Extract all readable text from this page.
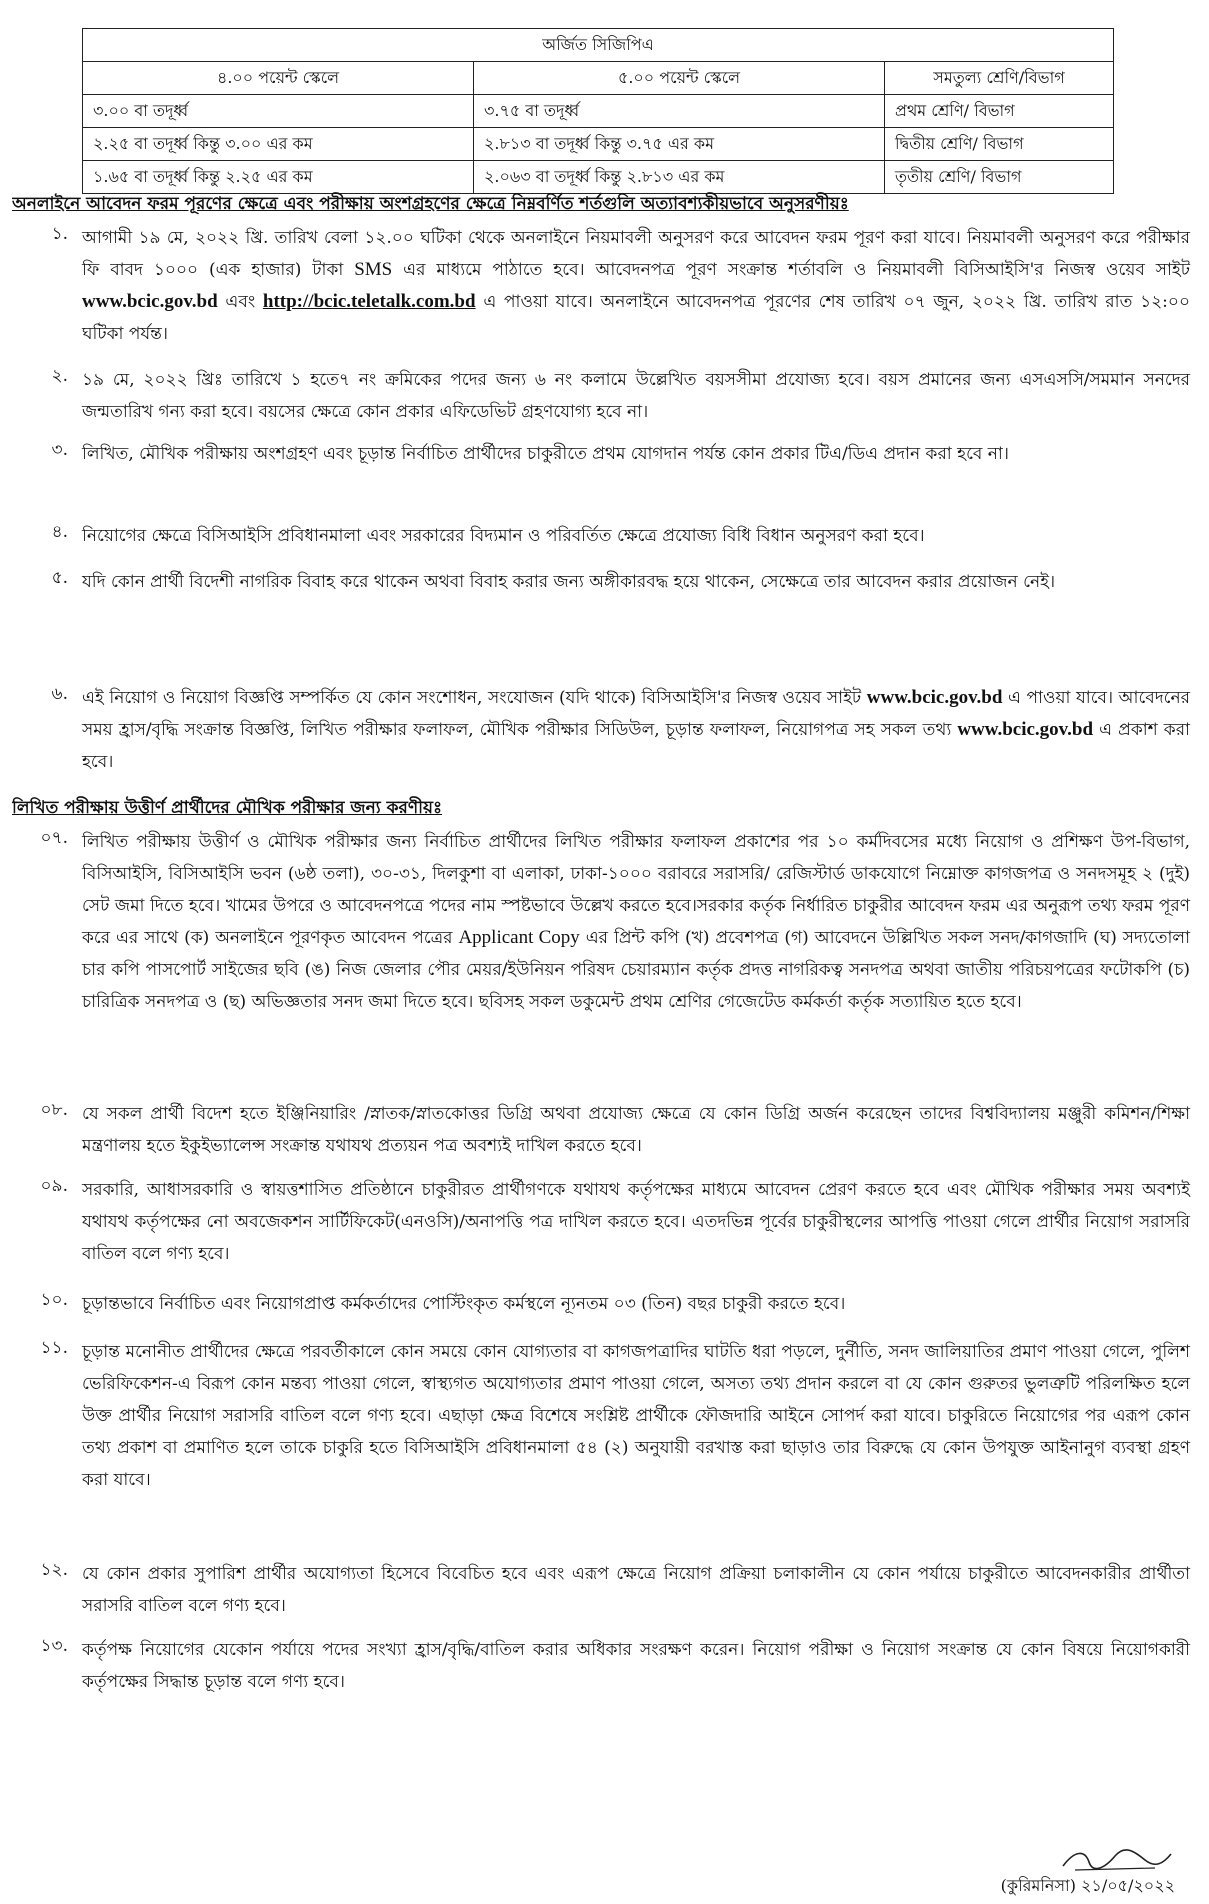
অর্জিত সিজিপিএ		
৪.০০ পয়েন্ট স্কেলে	৫.০০ পয়েন্ট স্কেলে	সমতুল্য শ্রেণি/বিভাগ
৩.০০ বা তদূর্ধ্ব	৩.৭৫ বা তদূর্ধ্ব	প্রথম শ্রেণি/ বিভাগ
২.২৫ বা তদূর্ধ্ব কিন্তু ৩.০০ এর কম	২.৮১৩ বা তদূর্ধ্ব কিন্তু ৩.৭৫ এর কম	দ্বিতীয় শ্রেণি/ বিভাগ
১.৬৫ বা তদূর্ধ্ব কিন্তু ২.২৫ এর কম	২.০৬৩ বা তদূর্ধ্ব কিন্তু ২.৮১৩ এর কম	তৃতীয় শ্রেণি/ বিভাগ
অনলাইনে আবেদন ফরম পূরণের ক্ষেত্রে এবং পরীক্ষায় অংশগ্রহণের ক্ষেত্রে নিম্নবর্ণিত শর্তগুলি অত্যাবশ্যকীয়ভাবে অনুসরণীয়ঃ
১. আগামী ১৯ মে, ২০২২ খ্রি. তারিখ বেলা ১২.০০ ঘটিকা থেকে অনলাইনে নিয়মাবলী অনুসরণ করে আবেদন ফরম পূরণ করা যাবে। নিয়মাবলী অনুসরণ করে পরীক্ষার ফি বাবদ ১০০০ (এক হাজার) টাকা SMS এর মাধ্যমে পাঠাতে হবে। আবেদনপত্র পূরণ সংক্রান্ত শর্তাবলি ও নিয়মাবলী বিসিআইসি'র নিজস্ব ওয়েব সাইট www.bcic.gov.bd এবং http://bcic.teletalk.com.bd এ পাওয়া যাবে। অনলাইনে আবেদনপত্র পূরণের শেষ তারিখ ০৭ জুন, ২০২২ খ্রি. তারিখ রাত ১২:০০ ঘটিকা পর্যন্ত।
২. ১৯ মে, ২০২২ খ্রিঃ তারিখে ১ হতে৭ নং ক্রমিকের পদের জন্য ৬ নং কলামে উল্লেখিত বয়সসীমা প্রযোজ্য হবে। বয়স প্রমানের জন্য এসএসসি/সমমান সনদের জন্মতারিখ গন্য করা হবে। বয়সের ক্ষেত্রে কোন প্রকার এফিডেভিট গ্রহণযোগ্য হবে না।
৩. লিখিত, মৌখিক পরীক্ষায় অংশগ্রহণ এবং চূড়ান্ত নির্বাচিত প্রার্থীদের চাকুরীতে প্রথম যোগদান পর্যন্ত কোন প্রকার টিএ/ডিএ প্রদান করা হবে না।
৪. নিয়োগের ক্ষেত্রে বিসিআইসি প্রবিধানমালা এবং সরকারের বিদ্যমান ও পরিবর্তিত ক্ষেত্রে প্রযোজ্য বিধি বিধান অনুসরণ করা হবে।
৫. যদি কোন প্রার্থী বিদেশী নাগরিক বিবাহ করে থাকেন অথবা বিবাহ করার জন্য অঙ্গীকারবদ্ধ হয়ে থাকেন, সেক্ষেত্রে তার আবেদন করার প্রয়োজন নেই।
৬. এই নিয়োগ ও নিয়োগ বিজ্ঞপ্তি সম্পর্কিত যে কোন সংশোধন, সংযোজন (যদি থাকে) বিসিআইসি'র নিজস্ব ওয়েব সাইট www.bcic.gov.bd এ পাওয়া যাবে। আবেদনের সময় হ্রাস/বৃদ্ধি সংক্রান্ত বিজ্ঞপ্তি, লিখিত পরীক্ষার ফলাফল, মৌখিক পরীক্ষার সিডিউল, চূড়ান্ত ফলাফল, নিয়োগপত্র সহ সকল তথ্য www.bcic.gov.bd এ প্রকাশ করা হবে।
লিখিত পরীক্ষায় উত্তীর্ণ প্রার্থীদের মৌখিক পরীক্ষার জন্য করণীয়ঃ
০৭. লিখিত পরীক্ষায় উত্তীর্ণ ও মৌখিক পরীক্ষার জন্য নির্বাচিত প্রার্থীদের লিখিত পরীক্ষার ফলাফল প্রকাশের পর ১০ কর্মদিবসের মধ্যে নিয়োগ ও প্রশিক্ষণ উপ-বিভাগ, বিসিআইসি, বিসিআইসি ভবন (৬ষ্ঠ তলা), ৩০-৩১, দিলকুশা বা এলাকা, ঢাকা-১০০০ বরাবরে সরাসরি/ রেজিস্টার্ড ডাকযোগে নিম্নোক্ত কাগজপত্র ও সনদসমূহ ২ (দুই) সেট জমা দিতে হবে। খামের উপরে ও আবেদনপত্রে পদের নাম স্পষ্টভাবে উল্লেখ করতে হবে।সরকার কর্তৃক নির্ধারিত চাকুরীর আবেদন ফরম এর অনুরূপ তথ্য ফরম পূরণ করে এর সাথে (ক) অনলাইনে পূরণকৃত আবেদন পত্রের Applicant Copy এর প্রিন্ট কপি (খ) প্রবেশপত্র (গ) আবেদনে উল্লিখিত সকল সনদ/কাগজাদি (ঘ) সদ্যতোলা চার কপি পাসপোর্ট সাইজের ছবি (ঙ) নিজ জেলার পৌর মেয়র/ইউনিয়ন পরিষদ চেয়ারম্যান কর্তৃক প্রদত্ত নাগরিকত্ব সনদপত্র অথবা জাতীয় পরিচয়পত্রের ফটোকপি (চ) চারিত্রিক সনদপত্র ও (ছ) অভিজ্ঞতার সনদ জমা দিতে হবে। ছবিসহ সকল ডকুমেন্ট প্রথম শ্রেণির গেজেটেড কর্মকর্তা কর্তৃক সত্যায়িত হতে হবে।
০৮. যে সকল প্রার্থী বিদেশ হতে ইঞ্জিনিয়ারিং /স্নাতক/স্নাতকোত্তর ডিগ্রি অথবা প্রযোজ্য ক্ষেত্রে যে কোন ডিগ্রি অর্জন করেছেন তাদের বিশ্ববিদ্যালয় মঞ্জুরী কমিশন/শিক্ষা মন্ত্রণালয় হতে ইকুইভ্যালেন্স সংক্রান্ত যথাযথ প্রত্যয়ন পত্র অবশ্যই দাখিল করতে হবে।
০৯. সরকারি, আধাসরকারি ও স্বায়ত্তশাসিত প্রতিষ্ঠানে চাকুরীরত প্রার্থীগণকে যথাযথ কর্তৃপক্ষের মাধ্যমে আবেদন প্রেরণ করতে হবে এবং মৌখিক পরীক্ষার সময় অবশ্যই যথাযথ কর্তৃপক্ষের নো অবজেকশন সার্টিফিকেট(এনওসি)/অনাপত্তি পত্র দাখিল করতে হবে। এতদভিন্ন পূর্বের চাকুরীস্থলের আপত্তি পাওয়া গেলে প্রার্থীর নিয়োগ সরাসরি বাতিল বলে গণ্য হবে।
১০. চূড়ান্তভাবে নির্বাচিত এবং নিয়োগপ্রাপ্ত কর্মকর্তাদের পোস্টিংকৃত কর্মস্থলে ন্যূনতম ০৩ (তিন) বছর চাকুরী করতে হবে।
১১. চূড়ান্ত মনোনীত প্রার্থীদের ক্ষেত্রে পরবর্তীকালে কোন সময়ে কোন যোগ্যতার বা কাগজপত্রাদির ঘাটতি ধরা পড়লে, দুর্নীতি, সনদ জালিয়াতির প্রমাণ পাওয়া গেলে, পুলিশ ভেরিফিকেশন-এ বিরূপ কোন মন্তব্য পাওয়া গেলে, স্বাস্থ্যগত অযোগ্যতার প্রমাণ পাওয়া গেলে, অসত্য তথ্য প্রদান করলে বা যে কোন গুরুতর ভুলত্রুটি পরিলক্ষিত হলে উক্ত প্রার্থীর নিয়োগ সরাসরি বাতিল বলে গণ্য হবে। এছাড়া ক্ষেত্র বিশেষে সংশ্লিষ্ট প্রার্থীকে ফৌজদারি আইনে সোপর্দ করা যাবে। চাকুরিতে নিয়োগের পর এরূপ কোন তথ্য প্রকাশ বা প্রমাণিত হলে তাকে চাকুরি হতে বিসিআইসি প্রবিধানমালা ৫৪ (২) অনুযায়ী বরখাস্ত করা ছাড়াও তার বিরুদ্ধে যে কোন উপযুক্ত আইনানুগ ব্যবস্থা গ্রহণ করা যাবে।
১২. যে কোন প্রকার সুপারিশ প্রার্থীর অযোগ্যতা হিসেবে বিবেচিত হবে এবং এরূপ ক্ষেত্রে নিয়োগ প্রক্রিয়া চলাকালীন যে কোন পর্যায়ে চাকুরীতে আবেদনকারীর প্রার্থীতা সরাসরি বাতিল বলে গণ্য হবে।
১৩. কর্তৃপক্ষ নিয়োগের যেকোন পর্যায়ে পদের সংখ্যা হ্রাস/বৃদ্ধি/বাতিল করার অধিকার সংরক্ষণ করেন। নিয়োগ পরীক্ষা ও নিয়োগ সংক্রান্ত যে কোন বিষয়ে নিয়োগকারী কর্তৃপক্ষের সিদ্ধান্ত চূড়ান্ত বলে গণ্য হবে।
(কুরিমনিসা) ২১/০৫/২০২২
